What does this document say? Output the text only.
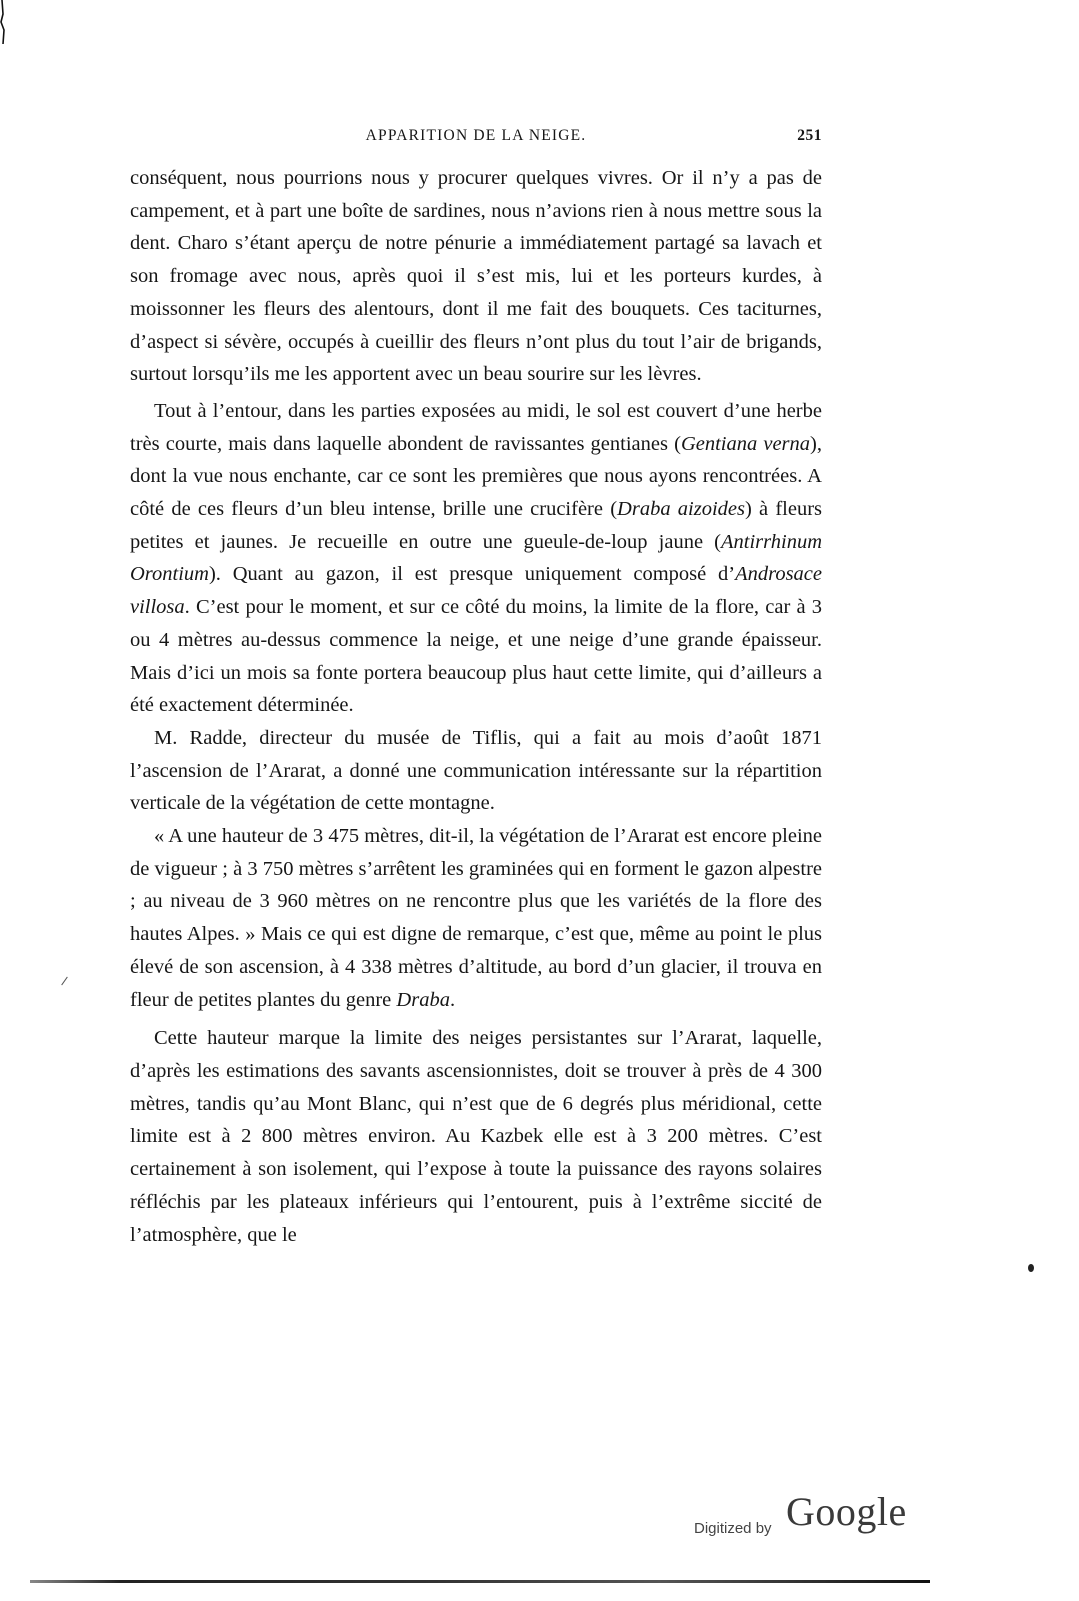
APPARITION DE LA NEIGE.	251

conséquent, nous pourrions nous y procurer quelques vivres. Or il n’y a pas de campement, et à part une boîte de sardines, nous n’avions rien à nous mettre sous la dent. Charo s’étant aperçu de notre pénurie a immédiatement partagé sa lavach et son fromage avec nous, après quoi il s’est mis, lui et les porteurs kurdes, à moissonner les fleurs des alentours, dont il me fait des bouquets. Ces taciturnes, d’aspect si sévère, occupés à cueillir des fleurs n’ont plus du tout l’air de brigands, surtout lorsqu’ils me les apportent avec un beau sourire sur les lèvres.

Tout à l’entour, dans les parties exposées au midi, le sol est couvert d’une herbe très courte, mais dans laquelle abondent de ravissantes gentianes (Gentiana verna), dont la vue nous enchante, car ce sont les premières que nous ayons rencontrées. A côté de ces fleurs d’un bleu intense, brille une crucifère (Draba aizoides) à fleurs petites et jaunes. Je recueille en outre une gueule-de-loup jaune (Antirrhinum Orontium). Quant au gazon, il est presque uniquement composé d’Androsace villosa. C’est pour le moment, et sur ce côté du moins, la limite de la flore, car à 3 ou 4 mètres au-dessus commence la neige, et une neige d’une grande épaisseur. Mais d’ici un mois sa fonte portera beaucoup plus haut cette limite, qui d’ailleurs a été exactement déterminée.

M. Radde, directeur du musée de Tiflis, qui a fait au mois d’août 1871 l’ascension de l’Ararat, a donné une communication intéressante sur la répartition verticale de la végétation de cette montagne.

« A une hauteur de 3 475 mètres, dit-il, la végétation de l’Ararat est encore pleine de vigueur ; à 3 750 mètres s’arrêtent les graminées qui en forment le gazon alpestre ; au niveau de 3 960 mètres on ne rencontre plus que les variétés de la flore des hautes Alpes. » Mais ce qui est digne de remarque, c’est que, même au point le plus élevé de son ascension, à 4 338 mètres d’altitude, au bord d’un glacier, il trouva en fleur de petites plantes du genre Draba.

Cette hauteur marque la limite des neiges persistantes sur l’Ararat, laquelle, d’après les estimations des savants ascensionnistes, doit se trouver à près de 4 300 mètres, tandis qu’au Mont Blanc, qui n’est que de 6 degrés plus méridional, cette limite est à 2 800 mètres environ. Au Kazbek elle est à 3 200 mètres. C’est certainement à son isolement, qui l’expose à toute la puissance des rayons solaires réfléchis par les plateaux inférieurs qui l’entourent, puis à l’extrême siccité de l’atmosphère, que le

Digitized by Google
